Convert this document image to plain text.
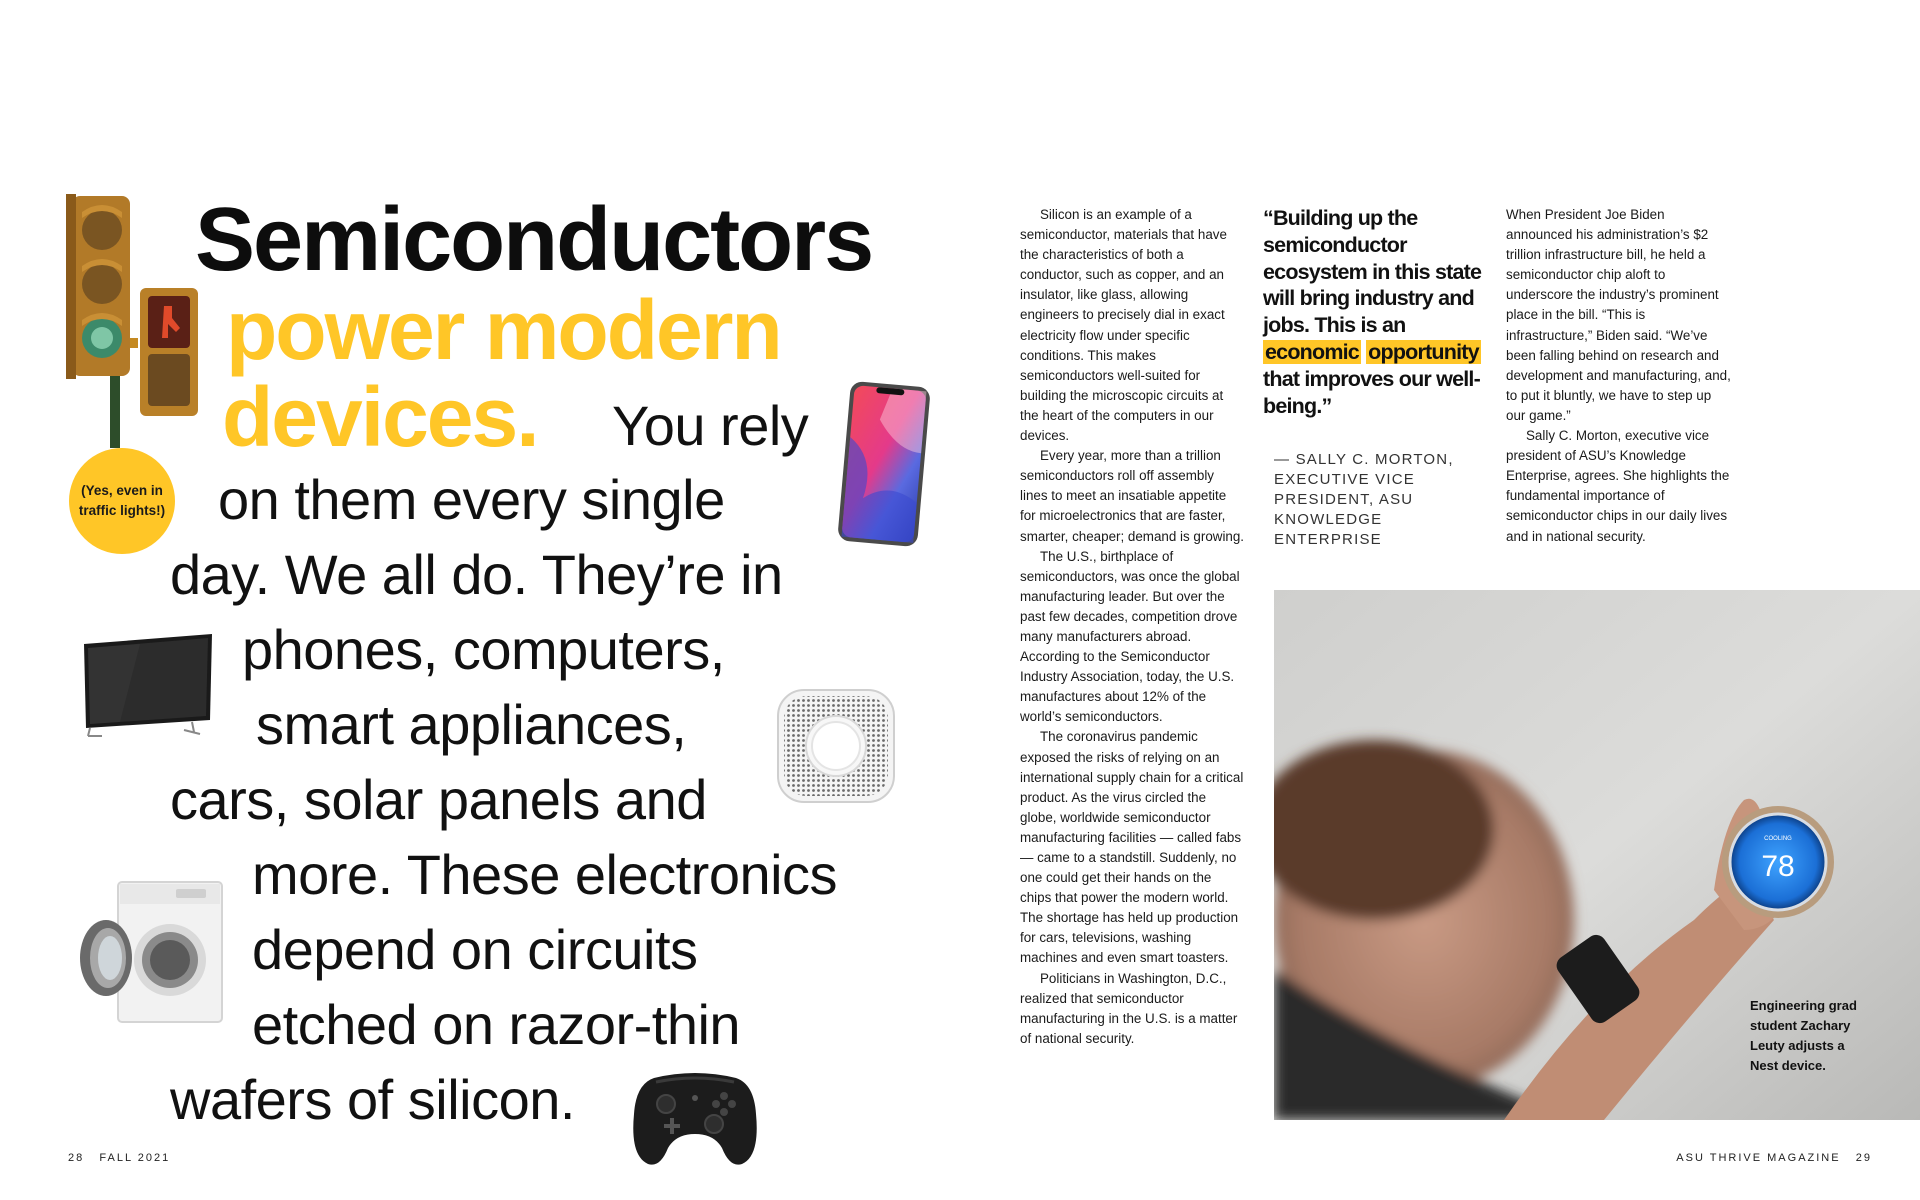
Semiconductors
power modern
devices. You rely
on them every single
day. We all do. They’re in
phones, computers,
smart appliances,
cars, solar panels and
more. These electronics
depend on circuits
etched on razor-thin
wafers of silicon.
(Yes, even in traffic lights!)
28   FALL 2021

Silicon is an example of a semiconductor, materials that have the characteristics of both a conductor, such as copper, and an insulator, like glass, allowing engineers to precisely dial in exact electricity flow under specific conditions. This makes semiconductors well-suited for building the microscopic circuits at the heart of the computers in our devices.

Every year, more than a trillion semiconductors roll off assembly lines to meet an insatiable appetite for microelectronics that are faster, smarter, cheaper; demand is growing.

The U.S., birthplace of semiconductors, was once the global manufacturing leader. But over the past few decades, competition drove many manufacturers abroad. According to the Semiconductor Industry Association, today, the U.S. manufactures about 12% of the world’s semiconductors.

The coronavirus pandemic exposed the risks of relying on an international supply chain for a critical product. As the virus circled the globe, worldwide semiconductor manufacturing facilities — called fabs — came to a standstill. Suddenly, no one could get their hands on the chips that power the modern world. The shortage has held up production for cars, televisions, washing machines and even smart toasters.

Politicians in Washington, D.C., realized that semiconductor manufacturing in the U.S. is a matter of national security.

“Building up the semiconductor ecosystem in this state will bring industry and jobs. This is an economic opportunity that improves our well-being.”
— SALLY C. MORTON, EXECUTIVE VICE PRESIDENT, ASU KNOWLEDGE ENTERPRISE

When President Joe Biden announced his administration’s $2 trillion infrastructure bill, he held a semiconductor chip aloft to underscore the industry’s prominent place in the bill. “This is infrastructure,” Biden said. “We’ve been falling behind on research and development and manufacturing, and, to put it bluntly, we have to step up our game.”

Sally C. Morton, executive vice president of ASU’s Knowledge Enterprise, agrees. She highlights the fundamental importance of semiconductor chips in our daily lives and in national security.

COOLING
78
Engineering grad student Zachary Leuty adjusts a Nest device.
ASU THRIVE MAGAZINE   29
